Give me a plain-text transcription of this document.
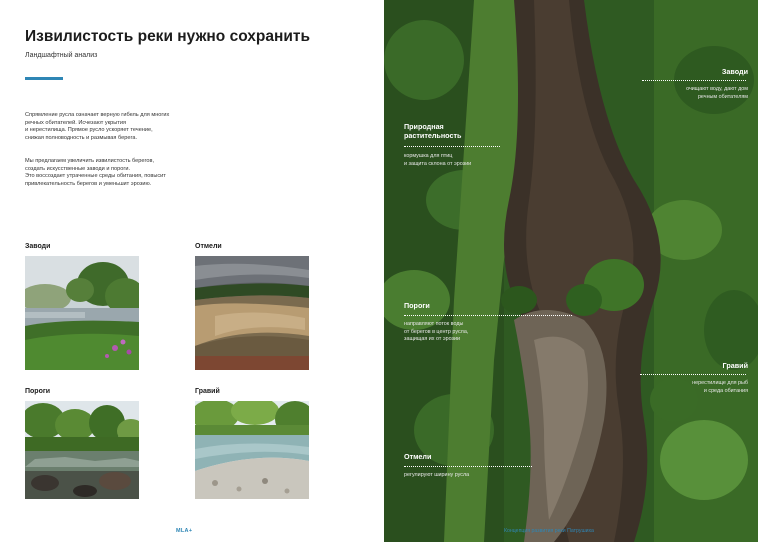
Извилистость реки нужно сохранить
Ландшафтный анализ
Спрямление русла означает верную гибель для многих
речных обитателей. Исчезают укрытия
и нерестилища. Прямое русло ускоряет течение,
снижая полноводность и размывая берега.
Мы предлагаем увеличить извилистость берегов,
создать искусственные заводи и пороги.
Это воссоздает утраченные среды обитания, повысит
привлекательность берегов и уменьшит эрозию.
Заводи	Отмели
Пороги	Гравий
MLA+
Заводи
очищают воду, дают дом
речным обитателям
Природная
растительность
кормушка для птиц
и защита склона от эрозии
Пороги
направляют поток воды
от берегов в центр русла,
защищая их от эрозии
Гравий
нерестилище для рыб
и среда обитания
Отмели
регулируют ширину русла
Концепция развития реки Патрушиха
